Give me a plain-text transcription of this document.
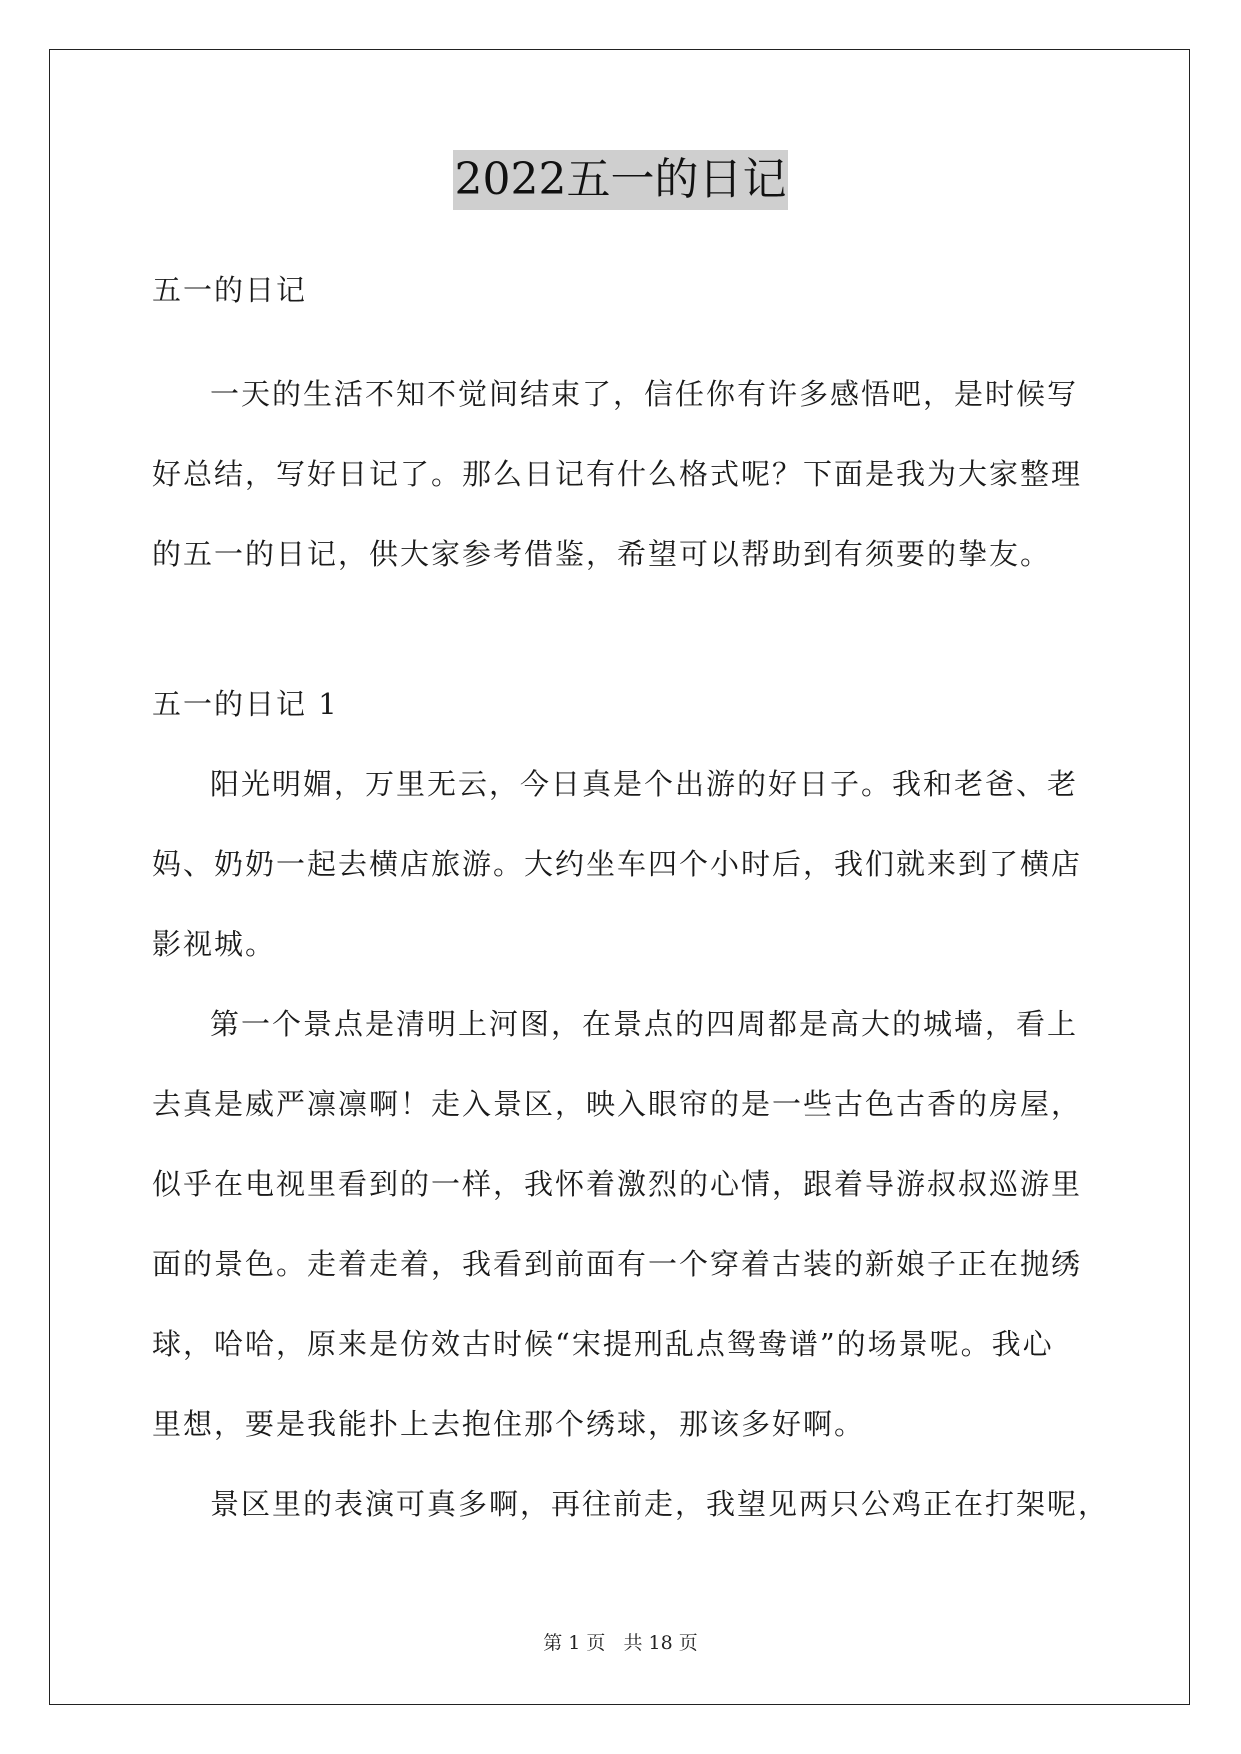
2022五一的日记
五一的日记
一天的生活不知不觉间结束了，信任你有许多感悟吧，是时候写
好总结，写好日记了。那么日记有什么格式呢？下面是我为大家整理
的五一的日记，供大家参考借鉴，希望可以帮助到有须要的挚友。
五一的日记 1
阳光明媚，万里无云，今日真是个出游的好日子。我和老爸、老
妈、奶奶一起去横店旅游。大约坐车四个小时后，我们就来到了横店
影视城。
第一个景点是清明上河图，在景点的四周都是高大的城墙，看上
去真是威严凛凛啊！走入景区，映入眼帘的是一些古色古香的房屋，
似乎在电视里看到的一样，我怀着激烈的心情，跟着导游叔叔巡游里
面的景色。走着走着，我看到前面有一个穿着古装的新娘子正在抛绣
球，哈哈，原来是仿效古时候“宋提刑乱点鸳鸯谱”的场景呢。我心
里想，要是我能扑上去抱住那个绣球，那该多好啊。
景区里的表演可真多啊，再往前走，我望见两只公鸡正在打架呢，
第 1 页 共 18 页
